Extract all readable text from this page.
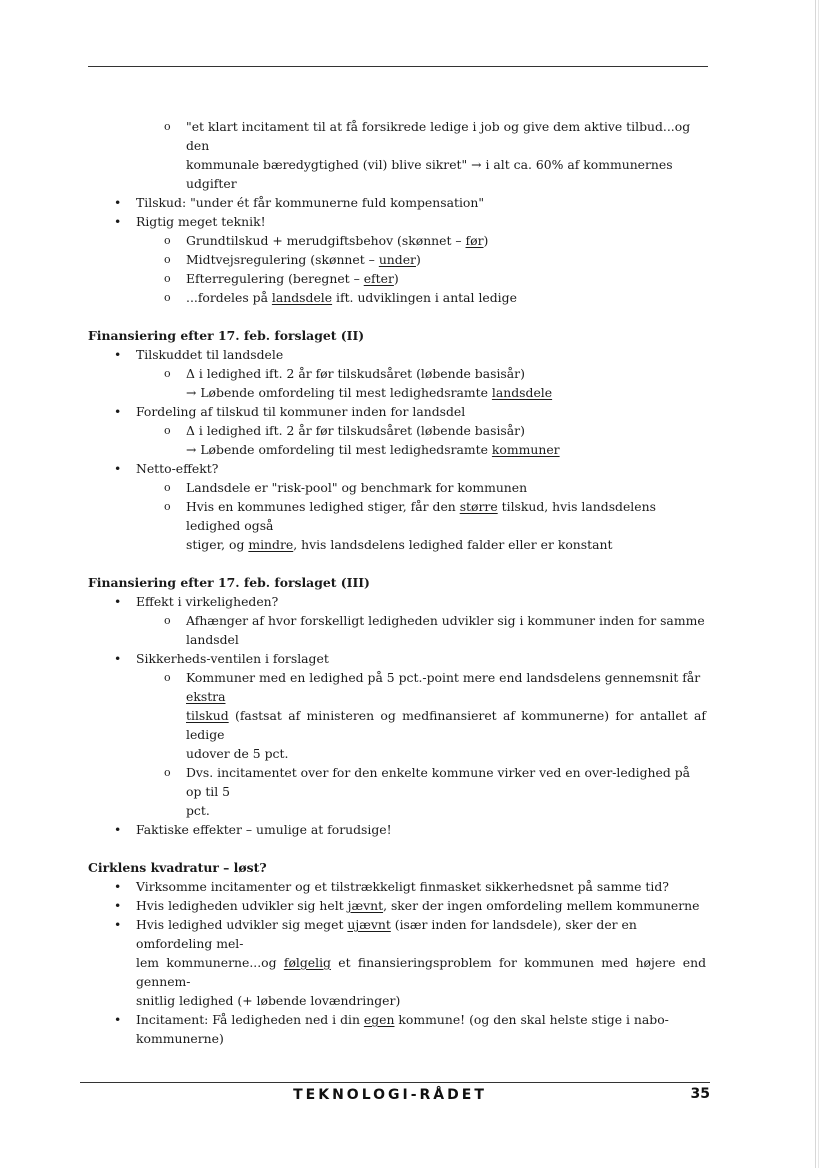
o "et klart incitament til at få forsikrede ledige i job og give dem aktive tilbud...og den
kommunale bæredygtighed (vil) blive sikret" → i alt ca. 60% af kommunernes udgifter
• Tilskud: "under ét får kommunerne fuld kompensation"
• Rigtig meget teknik!
o Grundtilskud + merudgiftsbehov (skønnet – før)
o Midtvejsregulering (skønnet – under)
o Efterregulering (beregnet – efter)
o ...fordeles på landsdele ift. udviklingen i antal ledige
Finansiering efter 17. feb. forslaget (II)
• Tilskuddet til landsdele
o Δ i ledighed ift. 2 år før tilskudsåret (løbende basisår)
→ Løbende omfordeling til mest ledighedsramte landsdele
• Fordeling af tilskud til kommuner inden for landsdel
o Δ i ledighed ift. 2 år før tilskudsåret (løbende basisår)
→ Løbende omfordeling til mest ledighedsramte kommuner
• Netto-effekt?
o Landsdele er "risk-pool" og benchmark for kommunen
o Hvis en kommunes ledighed stiger, får den større tilskud, hvis landsdelens ledighed også
stiger, og mindre, hvis landsdelens ledighed falder eller er konstant
Finansiering efter 17. feb. forslaget (III)
• Effekt i virkeligheden?
o Afhænger af hvor forskelligt ledigheden udvikler sig i kommuner inden for samme
landsdel
• Sikkerheds-ventilen i forslaget
o Kommuner med en ledighed på 5 pct.-point mere end landsdelens gennemsnit får ekstra
tilskud (fastsat af ministeren og medfinansieret af kommunerne) for antallet af ledige
udover de 5 pct.
o Dvs. incitamentet over for den enkelte kommune virker ved en over-ledighed på op til 5
pct.
• Faktiske effekter – umulige at forudsige!
Cirklens kvadratur – løst?
• Virksomme incitamenter og et tilstrækkeligt finmasket sikkerhedsnet på samme tid?
• Hvis ledigheden udvikler sig helt jævnt, sker der ingen omfordeling mellem kommunerne
• Hvis ledighed udvikler sig meget ujævnt (især inden for landsdele), sker der en omfordeling mel-
lem kommunerne...og følgelig et finansieringsproblem for kommunen med højere end gennem-
snitlig ledighed (+ løbende lovændringer)
• Incitament: Få ledigheden ned i din egen kommune! (og den skal helste stige i nabo-
kommunerne)
TEKNOLOGI-RÅDET	35
